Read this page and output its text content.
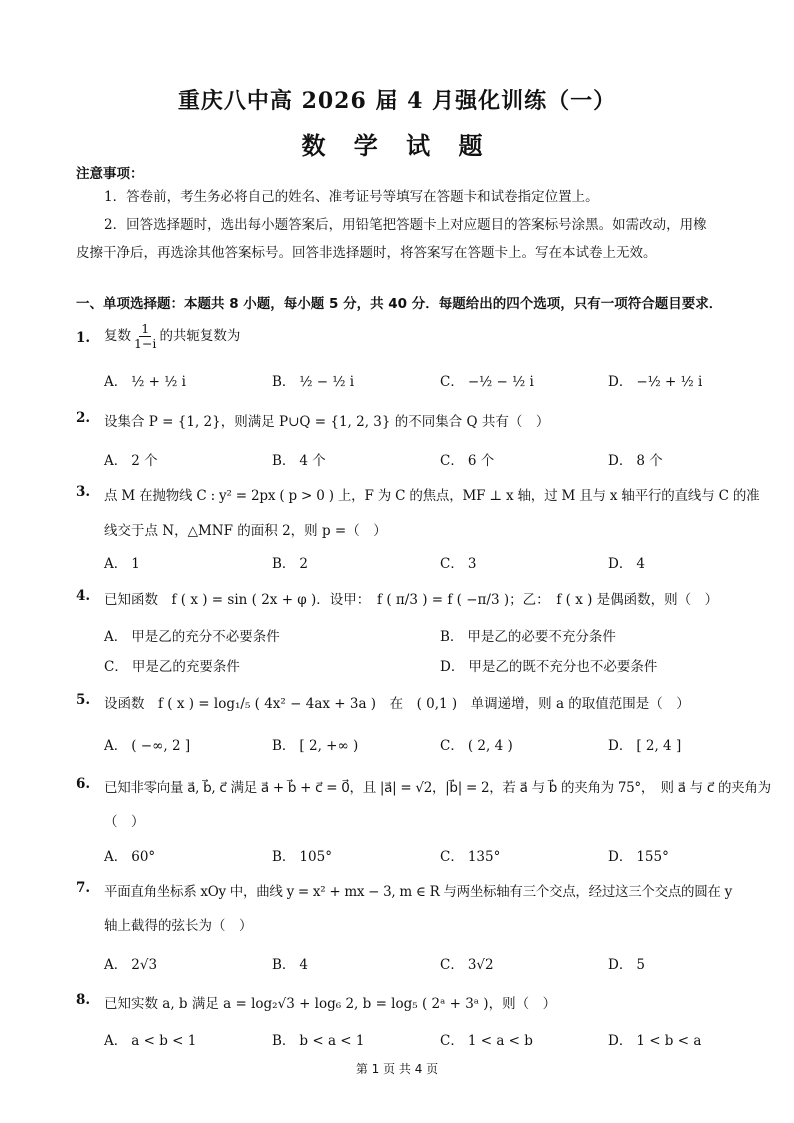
重庆八中高 2026 届 4 月强化训练（一）
数 学 试 题
注意事项：
1．答卷前，考生务必将自己的姓名、准考证号等填写在答题卡和试卷指定位置上。
2．回答选择题时，选出每小题答案后，用铅笔把答题卡上对应题目的答案标号涂黑。如需改动，用橡皮擦干净后，再选涂其他答案标号。回答非选择题时，将答案写在答题卡上。写在本试卷上无效。
一、单项选择题：本题共 8 小题，每小题 5 分，共 40 分．每题给出的四个选项，只有一项符合题目要求．
1. 复数 $\frac{1}{1-i}$ 的共轭复数为
A． ½ + ½ i	B． ½ − ½ i	C． −½ − ½ i	D． −½ + ½ i
2. 设集合 P = {1, 2}，则满足 P∪Q = {1, 2, 3} 的不同集合 Q 共有（　）
A． 2 个	B． 4 个	C． 6 个	D． 8 个
3. 点 M 在抛物线 C : y² = 2px ( p > 0 ) 上，F 为 C 的焦点，MF ⊥ x 轴，过 M 且与 x 轴平行的直线与 C 的准
线交于点 N，△MNF 的面积 2，则 p =（　）
A． 1	B． 2	C． 3	D． 4
4. 已知函数　f ( x ) = sin ( 2x + φ )．设甲：　f ( π/3 ) = f ( −π/3 )；乙：　f ( x ) 是偶函数，则（　）
A． 甲是乙的充分不必要条件	B． 甲是乙的必要不充分条件
C． 甲是乙的充要条件	D． 甲是乙的既不充分也不必要条件
5. 设函数　f ( x ) = log₁/₅ ( 4x² − 4ax + 3a )　在　( 0,1 )　单调递增，则 a 的取值范围是（　）
A． ( −∞, 2 ]	B． [ 2, +∞ )	C． ( 2, 4 )	D． [ 2, 4 ]
6. 已知非零向量 a⃗, b⃗, c⃗ 满足 a⃗ + b⃗ + c⃗ = 0⃗，且 |a⃗| = √2，|b⃗| = 2，若 a⃗ 与 b⃗ 的夹角为 75°，　则 a⃗ 与 c⃗ 的夹角为
（　）
A． 60°	B． 105°	C． 135°	D． 155°
7. 平面直角坐标系 xOy 中，曲线 y = x² + mx − 3, m ∈ R 与两坐标轴有三个交点，经过这三个交点的圆在 y
轴上截得的弦长为（　）
A． 2√3	B． 4	C． 3√2	D． 5
8. 已知实数 a, b 满足 a = log₂√3 + log₆ 2, b = log₅ ( 2ᵃ + 3ᵃ )，则（　）
A． a < b < 1	B． b < a < 1	C． 1 < a < b	D． 1 < b < a
第 1 页 共 4 页
